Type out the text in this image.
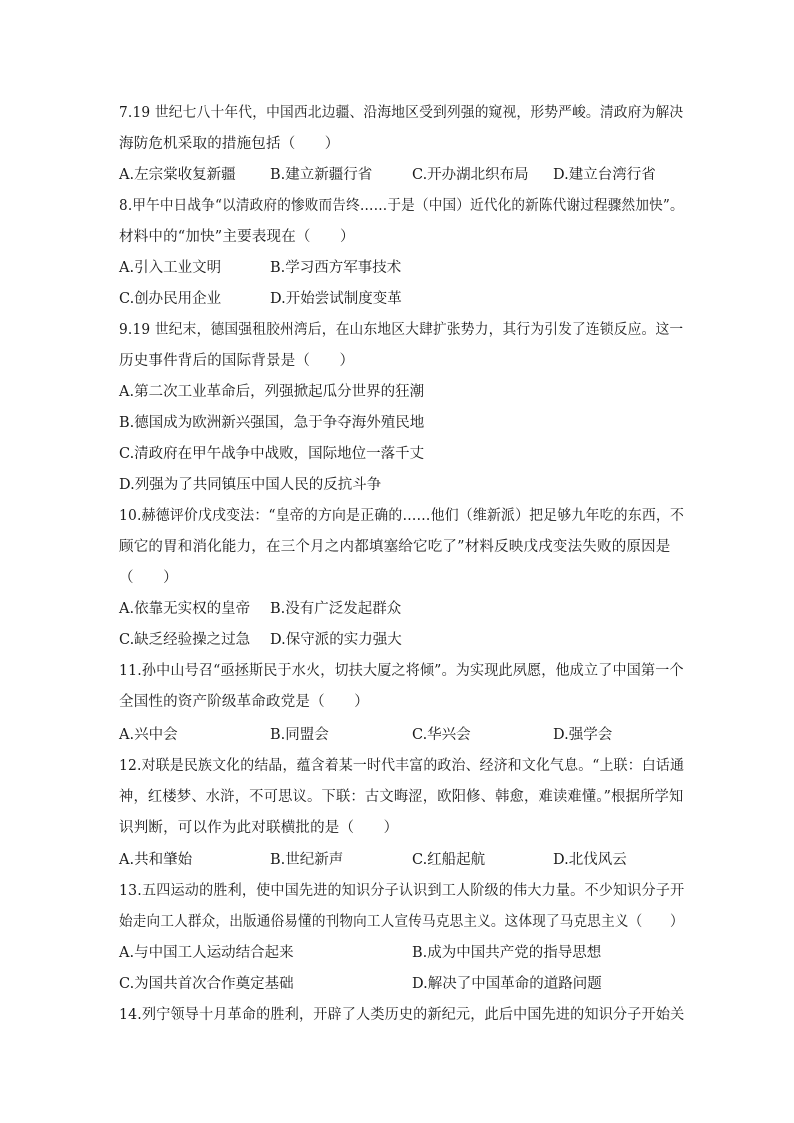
7.19 世纪七八十年代，中国西北边疆、沿海地区受到列强的窥视，形势严峻。清政府为解决
海防危机采取的措施包括（　　）
A.左宗棠收复新疆 B.建立新疆行省	C.开办湖北织布局 D.建立台湾行省
8.甲午中日战争“以清政府的惨败而告终……于是（中国）近代化的新陈代谢过程骤然加快”。
材料中的“加快”主要表现在（　　）
A.引入工业文明	B.学习西方军事技术
C.创办民用企业	D.开始尝试制度变革
9.19 世纪末，德国强租胶州湾后，在山东地区大肆扩张势力，其行为引发了连锁反应。这一
历史事件背后的国际背景是（　　）
A.第二次工业革命后，列强掀起瓜分世界的狂潮
B.德国成为欧洲新兴强国，急于争夺海外殖民地
C.清政府在甲午战争中战败，国际地位一落千丈
D.列强为了共同镇压中国人民的反抗斗争
10.赫德评价戊戌变法：“皇帝的方向是正确的……他们（维新派）把足够九年吃的东西，不
顾它的胃和消化能力，在三个月之内都填塞给它吃了”材料反映戊戌变法失败的原因是
（　　）
A.依靠无实权的皇帝 B.没有广泛发起群众
C.缺乏经验操之过急 D.保守派的实力强大
11.孙中山号召“亟拯斯民于水火，切扶大厦之将倾”。为实现此夙愿，他成立了中国第一个
全国性的资产阶级革命政党是（　　）
A.兴中会	B.同盟会	C.华兴会	D.强学会
12.对联是民族文化的结晶，蕴含着某一时代丰富的政治、经济和文化气息。“上联：白话通
神，红楼梦、水浒，不可思议。下联：古文晦涩，欧阳修、韩愈，难读难懂。”根据所学知
识判断，可以作为此对联横批的是（　　）
A.共和肇始	B.世纪新声	C.红船起航	D.北伐风云
13.五四运动的胜利，使中国先进的知识分子认识到工人阶级的伟大力量。不少知识分子开
始走向工人群众，出版通俗易懂的刊物向工人宣传马克思主义。这体现了马克思主义（　　）
A.与中国工人运动结合起来	B.成为中国共产党的指导思想
C.为国共首次合作奠定基础	D.解决了中国革命的道路问题
14.列宁领导十月革命的胜利，开辟了人类历史的新纪元，此后中国先进的知识分子开始关
